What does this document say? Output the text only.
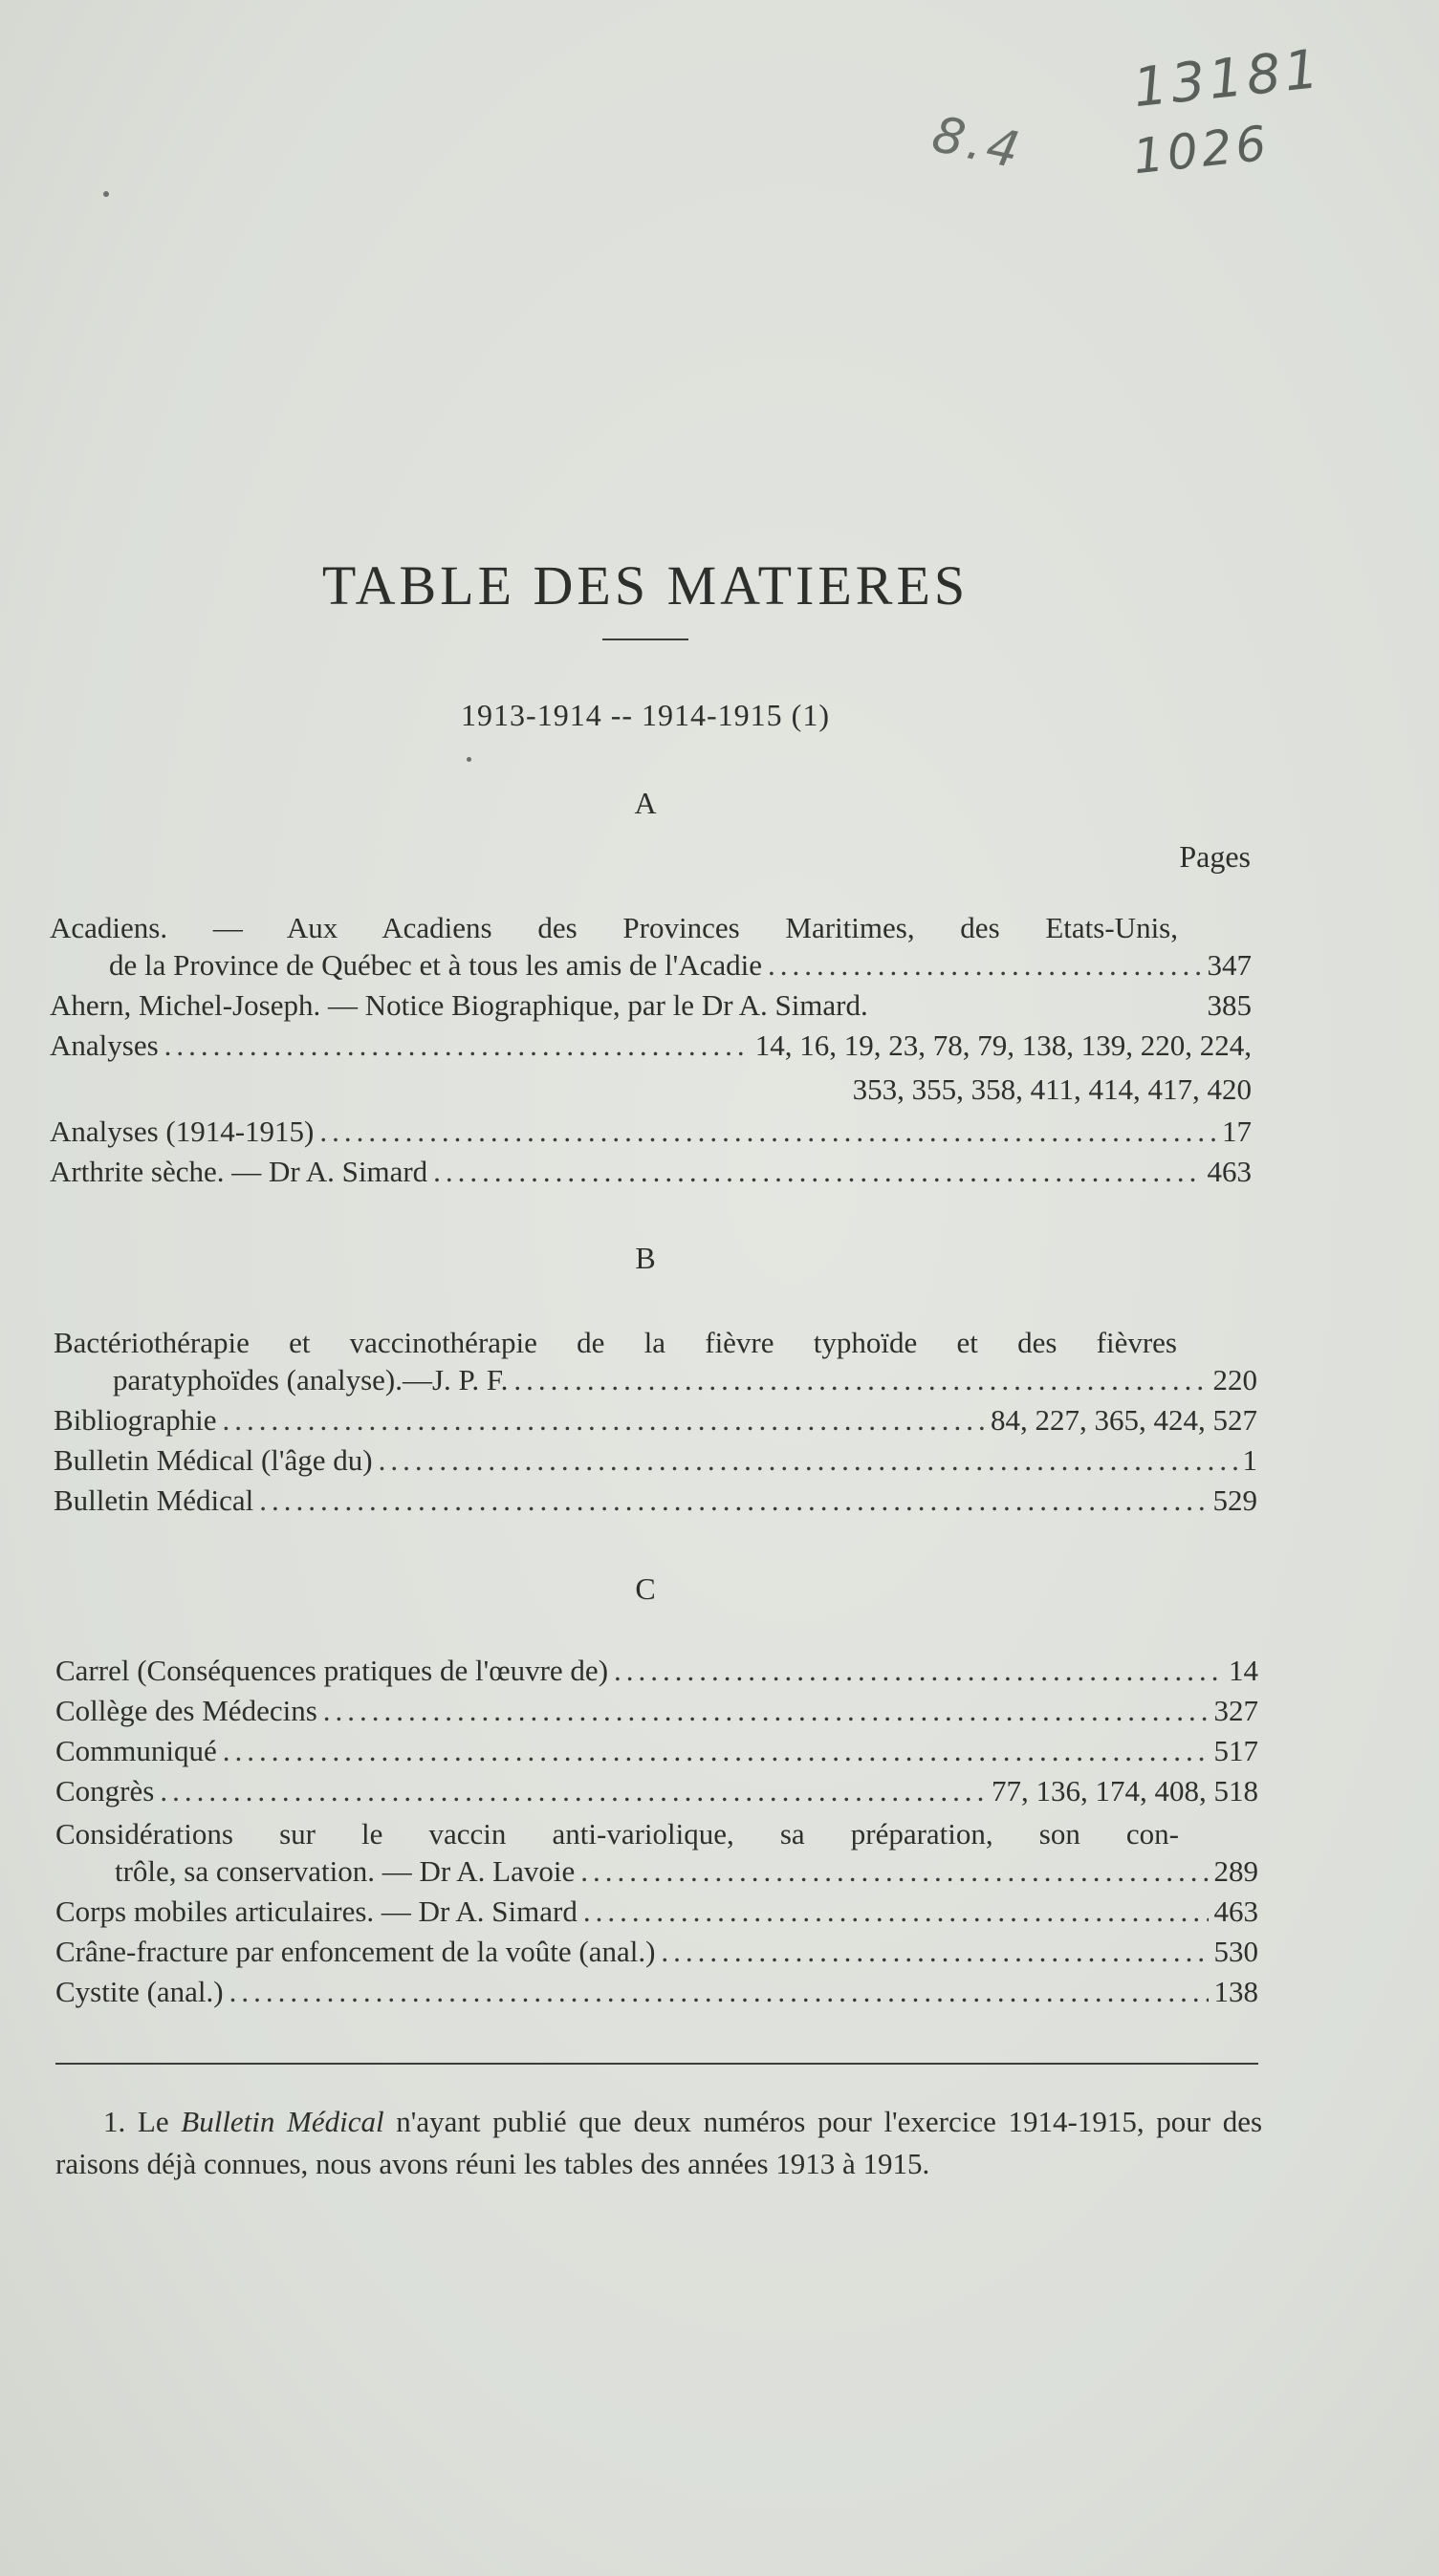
13181
1026
8.4
TABLE DES MATIERES
1913-1914 -- 1914-1915 (1)
A
Pages
Acadiens. — Aux Acadiens des Provinces Maritimes, des Etats-Unis,
de la Province de Québec et à tous les amis de l'Acadie .....	347
Ahern, Michel-Joseph. — Notice Biographique, par le Dr A. Simard.	385
Analyses .....	14, 16, 19, 23, 78, 79, 138, 139, 220, 224,
353, 355, 358, 411, 414, 417, 420
Analyses (1914-1915) .....	17
Arthrite sèche. — Dr A. Simard .....	463
B
Bactériothérapie et vaccinothérapie de la fièvre typhoïde et des fièvres
paratyphoïdes (analyse).—J. P. F. .....	220
Bibliographie .....	84, 227, 365, 424, 527
Bulletin Médical (l'âge du) .....	1
Bulletin Médical .....	529
C
Carrel (Conséquences pratiques de l'œuvre de) .....	14
Collège des Médecins .....	327
Communiqué .....	517
Congrès .....	77, 136, 174, 408, 518
Considérations sur le vaccin anti-variolique, sa préparation, son con-
trôle, sa conservation. — Dr A. Lavoie .....	289
Corps mobiles articulaires. — Dr A. Simard .....	463
Crâne-fracture par enfoncement de la voûte (anal.) .....	530
Cystite (anal.) .....	138
1. Le Bulletin Médical n'ayant publié que deux numéros pour l'exercice 1914-1915, pour des raisons déjà connues, nous avons réuni les tables des années 1913 à 1915.
